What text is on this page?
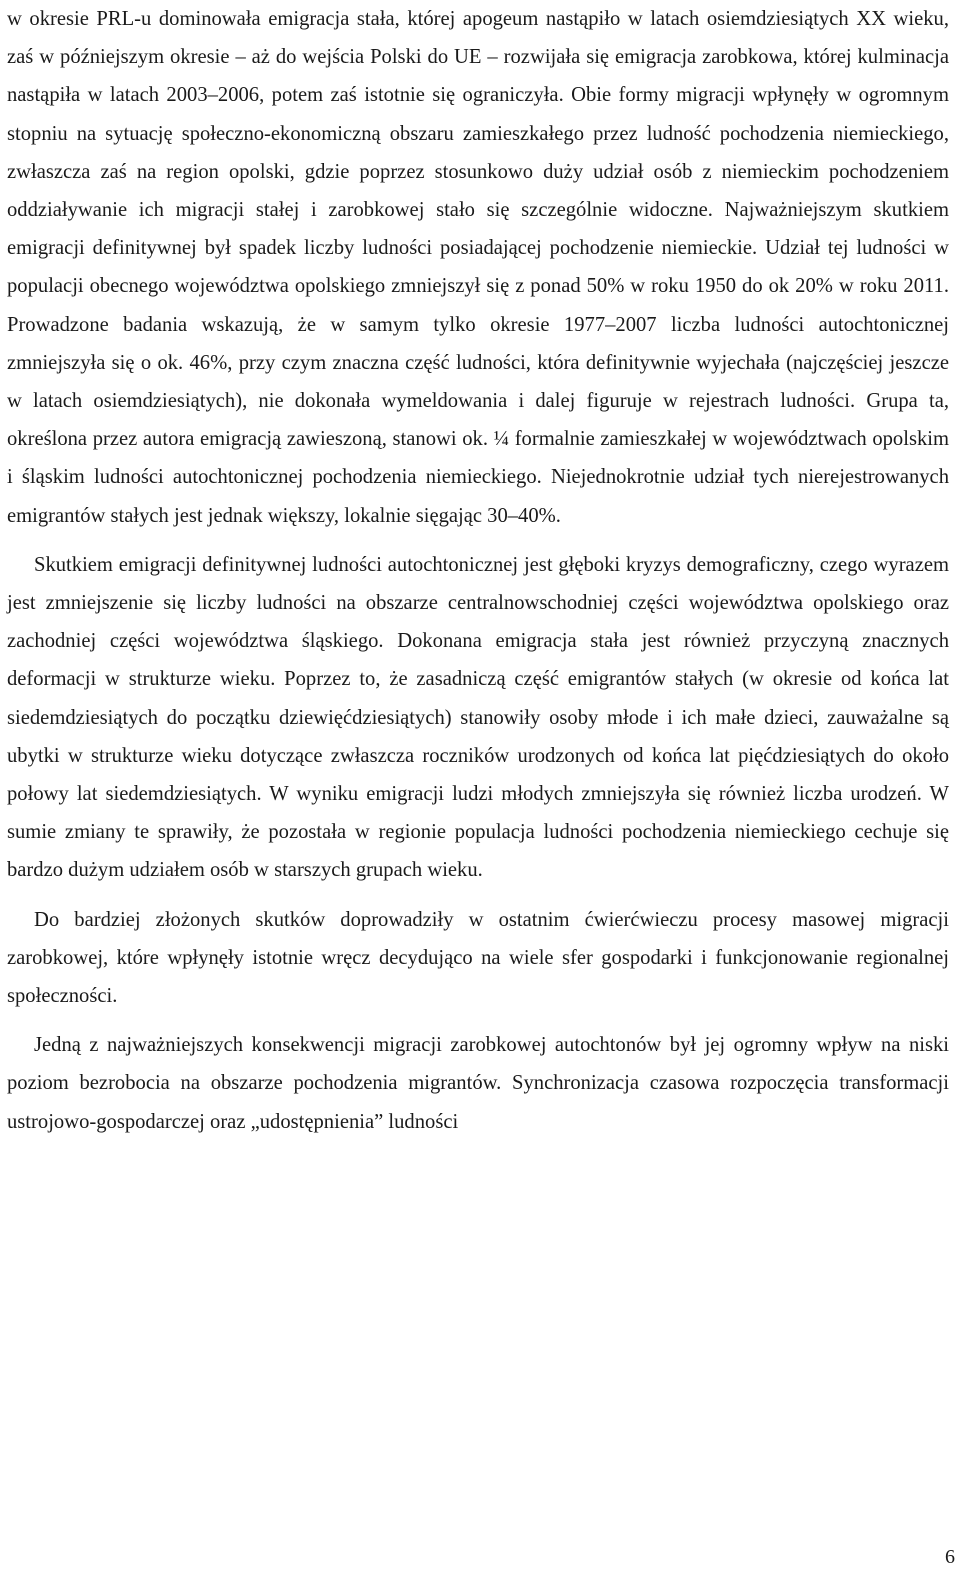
w okresie PRL-u dominowała emigracja stała, której apogeum nastąpiło w latach osiemdziesiątych XX wieku, zaś w późniejszym okresie – aż do wejścia Polski do UE – rozwijała się emigracja zarobkowa, której kulminacja nastąpiła w latach 2003–2006, potem zaś istotnie się ograniczyła. Obie formy migracji wpłynęły w ogromnym stopniu na sytuację społeczno-ekonomiczną obszaru zamieszkałego przez ludność pochodzenia niemieckiego, zwłaszcza zaś na region opolski, gdzie poprzez stosunkowo duży udział osób z niemieckim pochodzeniem oddziaływanie ich migracji stałej i zarobkowej stało się szczególnie widoczne. Najważniejszym skutkiem emigracji definitywnej był spadek liczby ludności posiadającej pochodzenie niemieckie. Udział tej ludności w populacji obecnego województwa opolskiego zmniejszył się z ponad 50% w roku 1950 do ok 20% w roku 2011. Prowadzone badania wskazują, że w samym tylko okresie 1977–2007 liczba ludności autochtonicznej zmniejszyła się o ok. 46%, przy czym znaczna część ludności, która definitywnie wyjechała (najczęściej jeszcze w latach osiemdziesiątych), nie dokonała wymeldowania i dalej figuruje w rejestrach ludności. Grupa ta, określona przez autora emigracją zawieszoną, stanowi ok. ¼ formalnie zamieszkałej w województwach opolskim i śląskim ludności autochtonicznej pochodzenia niemieckiego. Niejednokrotnie udział tych nierejestrowanych emigrantów stałych jest jednak większy, lokalnie sięgając 30–40%.

Skutkiem emigracji definitywnej ludności autochtonicznej jest głęboki kryzys demograficzny, czego wyrazem jest zmniejszenie się liczby ludności na obszarze centralnowschodniej części województwa opolskiego oraz zachodniej części województwa śląskiego. Dokonana emigracja stała jest również przyczyną znacznych deformacji w strukturze wieku. Poprzez to, że zasadniczą część emigrantów stałych (w okresie od końca lat siedemdziesiątych do początku dziewięćdziesiątych) stanowiły osoby młode i ich małe dzieci, zauważalne są ubytki w strukturze wieku dotyczące zwłaszcza roczników urodzonych od końca lat pięćdziesiątych do około połowy lat siedemdziesiątych. W wyniku emigracji ludzi młodych zmniejszyła się również liczba urodzeń. W sumie zmiany te sprawiły, że pozostała w regionie populacja ludności pochodzenia niemieckiego cechuje się bardzo dużym udziałem osób w starszych grupach wieku.

Do bardziej złożonych skutków doprowadziły w ostatnim ćwierćwieczu procesy masowej migracji zarobkowej, które wpłynęły istotnie wręcz decydująco na wiele sfer gospodarki i funkcjonowanie regionalnej społeczności.

Jedną z najważniejszych konsekwencji migracji zarobkowej autochtonów był jej ogromny wpływ na niski poziom bezrobocia na obszarze pochodzenia migrantów. Synchronizacja czasowa rozpoczęcia transformacji ustrojowo-gospodarczej oraz „udostępnienia” ludności

6
